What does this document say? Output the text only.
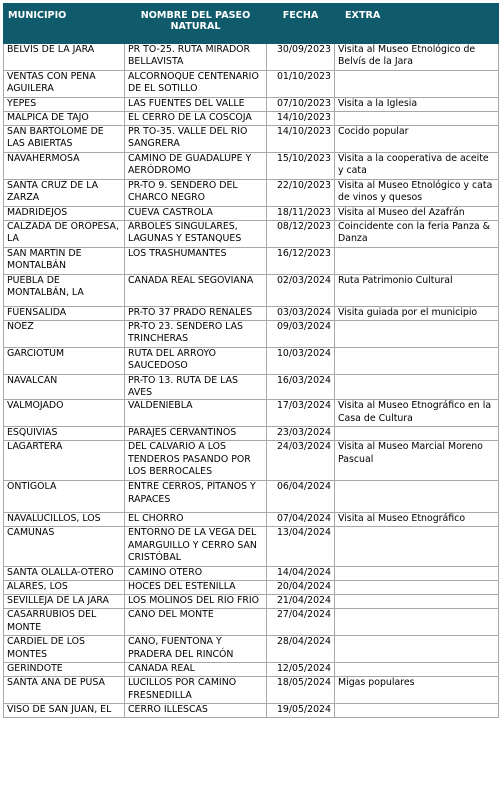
MUNICIPIO	NOMBRE DEL PASEO NATURAL	FECHA	EXTRA
BELVÍS DE LA JARA	PR TO-25. RUTA MIRADOR BELLAVISTA	30/09/2023	Visita al Museo Etnológico de Belvís de la Jara
VENTAS CON PEÑA AGUILERA	ALCORNOQUE CENTENARIO DE EL SOTILLO	01/10/2023	
YEPES	LAS FUENTES DEL VALLE	07/10/2023	Visita a la Iglesia
MALPICA DE TAJO	EL CERRO DE LA COSCOJA	14/10/2023	
SAN BARTOLOMÉ DE LAS ABIERTAS	PR TO-35. VALLE DEL RÍO SANGRERA	14/10/2023	Cocido popular
NAVAHERMOSA	CAMINO DE GUADALUPE Y AERÓDROMO	15/10/2023	Visita a la cooperativa de aceite y cata
SANTA CRUZ DE LA ZARZA	PR-TO 9. SENDERO DEL CHARCO NEGRO	22/10/2023	Visita al Museo Etnológico y cata de vinos y quesos
MADRIDEJOS	CUEVA CASTROLA	18/11/2023	Visita al Museo del Azafrán
CALZADA DE OROPESA, LA	ÁRBOLES SINGULARES, LAGUNAS Y ESTANQUES	08/12/2023	Coincidente con la feria Panza & Danza
SAN MARTÍN DE MONTALBÁN	LOS TRASHUMANTES	16/12/2023	
PUEBLA DE MONTALBÁN, LA	CAÑADA REAL SEGOVIANA	02/03/2024	Ruta Patrimonio Cultural
FUENSALIDA	PR-TO 37 PRADO RENALES	03/03/2024	Visita guiada por el municipio
NOEZ	PR-TO 23. SENDERO LAS TRINCHERAS	09/03/2024	
GARCIOTUM	RUTA DEL ARROYO SAUCEDOSO	10/03/2024	
NAVALCÁN	PR-TO 13. RUTA DE LAS AVES	16/03/2024	
VALMOJADO	VALDENIEBLA	17/03/2024	Visita al Museo Etnográfico en la Casa de Cultura
ESQUIVIAS	PARAJES CERVANTINOS	23/03/2024	
LAGARTERA	DEL CALVARIO A LOS TENDEROS PASANDO POR LOS BERROCALES	24/03/2024	Visita al Museo Marcial Moreno Pascual
ONTÍGOLA	ENTRE CERROS, PÍTANOS Y RAPACES	06/04/2024	
NAVALUCILLOS, LOS	EL CHORRO	07/04/2024	Visita al Museo Etnográfico
CAMUÑAS	ENTORNO DE LA VEGA DEL AMARGUILLO Y CERRO SAN CRISTÓBAL	13/04/2024	
SANTA OLALLA-OTERO	CAMINO OTERO	14/04/2024	
ALARES, LOS	HOCES DEL ESTENILLA	20/04/2024	
SEVILLEJA DE LA JARA	LOS MOLINOS DEL RÍO FRÍO	21/04/2024	
CASARRUBIOS DEL MONTE	CAÑO DEL MONTE	27/04/2024	
CARDIEL DE LOS MONTES	CAÑO, FUENTONA Y PRADERA DEL RINCÓN	28/04/2024	
GERINDOTE	CAÑADA REAL	12/05/2024	
SANTA ANA DE PUSA	LUCILLOS POR CAMINO FRESNEDILLA	18/05/2024	Migas populares
VISO DE SAN JUAN, EL	CERRO ILLESCAS	19/05/2024	
